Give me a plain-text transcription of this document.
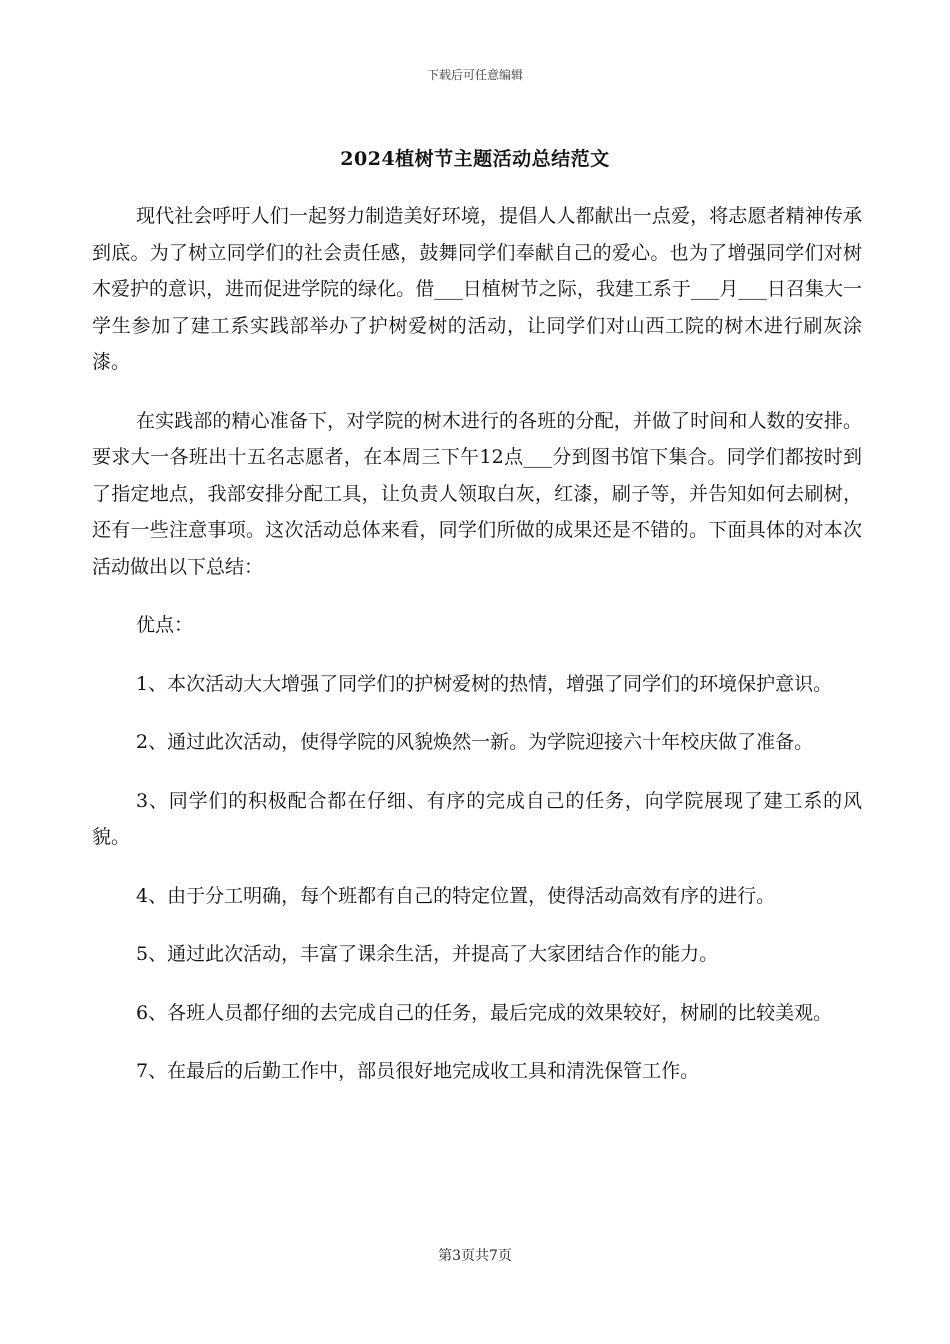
下载后可任意编辑
2024植树节主题活动总结范文

现代社会呼吁人们一起努力制造美好环境，提倡人人都献出一点爱，将志愿者精神传承到底。为了树立同学们的社会责任感，鼓舞同学们奉献自己的爱心。也为了增强同学们对树木爱护的意识，进而促进学院的绿化。借___日植树节之际，我建工系于___月___日召集大一学生参加了建工系实践部举办了护树爱树的活动，让同学们对山西工院的树木进行刷灰涂漆。

在实践部的精心准备下，对学院的树木进行的各班的分配，并做了时间和人数的安排。要求大一各班出十五名志愿者，在本周三下午12点___分到图书馆下集合。同学们都按时到了指定地点，我部安排分配工具，让负责人领取白灰，红漆，刷子等，并告知如何去刷树，还有一些注意事项。这次活动总体来看，同学们所做的成果还是不错的。下面具体的对本次活动做出以下总结：

优点：

1、本次活动大大增强了同学们的护树爱树的热情，增强了同学们的环境保护意识。

2、通过此次活动，使得学院的风貌焕然一新。为学院迎接六十年校庆做了准备。

3、同学们的积极配合都在仔细、有序的完成自己的任务，向学院展现了建工系的风貌。

4、由于分工明确，每个班都有自己的特定位置，使得活动高效有序的进行。

5、通过此次活动，丰富了课余生活，并提高了大家团结合作的能力。

6、各班人员都仔细的去完成自己的任务，最后完成的效果较好，树刷的比较美观。

7、在最后的后勤工作中，部员很好地完成收工具和清洗保管工作。

第3页共7页
